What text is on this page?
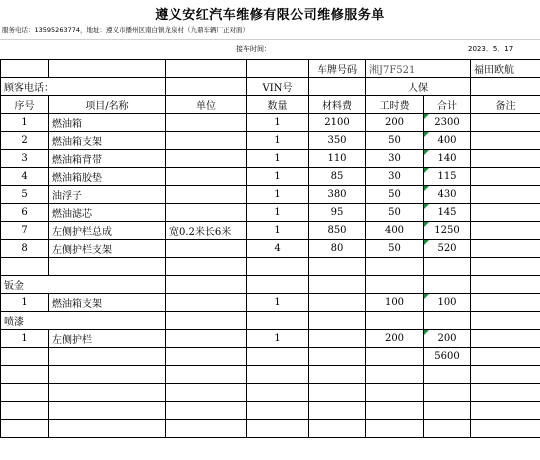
遵义安红汽车维修有限公司维修服务单
服务电话：13595263774，地址：遵义市播州区南白镇龙泉村（九鼎车辆厂正对面）
接车时间：	2023．5．17
				车牌号码	湘J7F521		福田欧航
顾客电话：			VIN号		人保		
序号	项目/名称	单位	数量	材料费	工时费	合计	备注
1	燃油箱		1	2100	200	2300	
2	燃油箱支架		1	350	50	400	
3	燃油箱背带		1	110	30	140	
4	燃油箱胶垫		1	85	30	115	
5	油浮子		1	380	50	430	
6	燃油滤芯		1	95	50	145	
7	左侧护栏总成	宽0.2米长6米	1	850	400	1250	
8	左侧护栏支架		4	80	50	520	

钣金							
1	燃油箱支架		1		100	100	
喷漆							
1	左侧护栏		1		200	200	
						5600	
